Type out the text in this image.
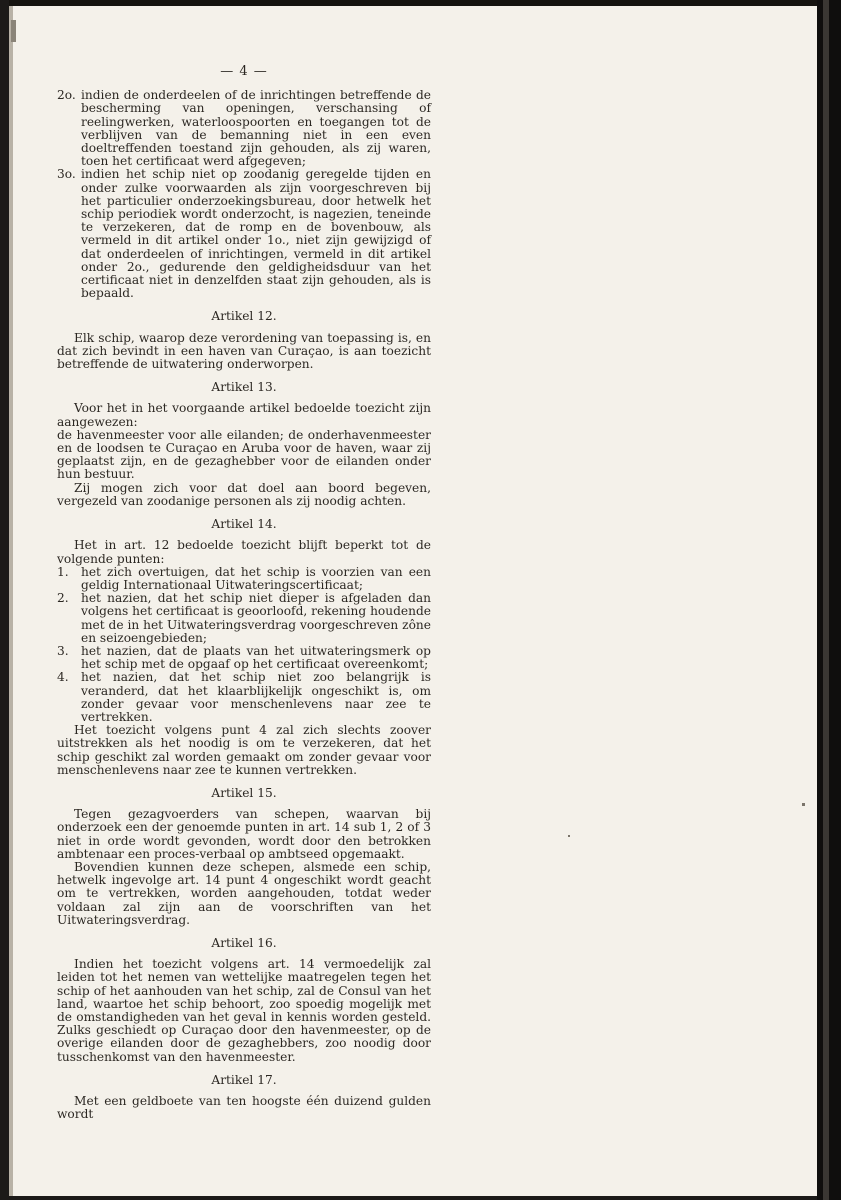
— 4 —
2o. indien de onderdeelen of de inrichtingen betreffende de bescherming van openingen, verschansing of reelingwerken, waterloospoorten en toegangen tot de verblijven van de bemanning niet in een even doeltreffenden toestand zijn gehouden, als zij waren, toen het certificaat werd afgegeven;
3o. indien het schip niet op zoodanig geregelde tijden en onder zulke voorwaarden als zijn voorgeschreven bij het particulier onderzoekingsbureau, door hetwelk het schip periodiek wordt onderzocht, is nagezien, teneinde te verzekeren, dat de romp en de bovenbouw, als vermeld in dit artikel onder 1o., niet zijn gewijzigd of dat onderdeelen of inrichtingen, vermeld in dit artikel onder 2o., gedurende den geldigheidsduur van het certificaat niet in denzelfden staat zijn gehouden, als is bepaald.
Artikel 12.
Elk schip, waarop deze verordening van toepassing is, en dat zich bevindt in een haven van Curaçao, is aan toezicht betreffende de uitwatering onderworpen.
Artikel 13.
Voor het in het voorgaande artikel bedoelde toezicht zijn aangewezen:
de havenmeester voor alle eilanden; de onderhavenmeester en de loodsen te Curaçao en Aruba voor de haven, waar zij geplaatst zijn, en de gezaghebber voor de eilanden onder hun bestuur.
Zij mogen zich voor dat doel aan boord begeven, vergezeld van zoodanige personen als zij noodig achten.
Artikel 14.
Het in art. 12 bedoelde toezicht blijft beperkt tot de volgende punten:
1.	het zich overtuigen, dat het schip is voorzien van een geldig Internationaal Uitwateringscertificaat;
2.	het nazien, dat het schip niet dieper is afgeladen dan volgens het certificaat is geoorloofd, rekening houdende met de in het Uitwateringsverdrag voorgeschreven zône en seizoengebieden;
3.	het nazien, dat de plaats van het uitwateringsmerk op het schip met de opgaaf op het certificaat overeenkomt;
4.	het nazien, dat het schip niet zoo belangrijk is veranderd, dat het klaarblijkelijk ongeschikt is, om zonder gevaar voor menschenlevens naar zee te vertrekken.
Het toezicht volgens punt 4 zal zich slechts zoover uitstrekken als het noodig is om te verzekeren, dat het schip geschikt zal worden gemaakt om zonder gevaar voor menschenlevens naar zee te kunnen vertrekken.
Artikel 15.
Tegen gezagvoerders van schepen, waarvan bij onderzoek een der genoemde punten in art. 14 sub 1, 2 of 3 niet in orde wordt gevonden, wordt door den betrokken ambtenaar een proces-verbaal op ambtseed opgemaakt.
Bovendien kunnen deze schepen, alsmede een schip, hetwelk ingevolge art. 14 punt 4 ongeschikt wordt geacht om te vertrekken, worden aangehouden, totdat weder voldaan zal zijn aan de voorschriften van het Uitwateringsverdrag.
Artikel 16.
Indien het toezicht volgens art. 14 vermoedelijk zal leiden tot het nemen van wettelijke maatregelen tegen het schip of het aanhouden van het schip, zal de Consul van het land, waartoe het schip behoort, zoo spoedig mogelijk met de omstandigheden van het geval in kennis worden gesteld. Zulks geschiedt op Curaçao door den havenmeester, op de overige eilanden door de gezaghebbers, zoo noodig door tusschenkomst van den havenmeester.
Artikel 17.
Met een geldboete van ten hoogste één duizend gulden wordt
